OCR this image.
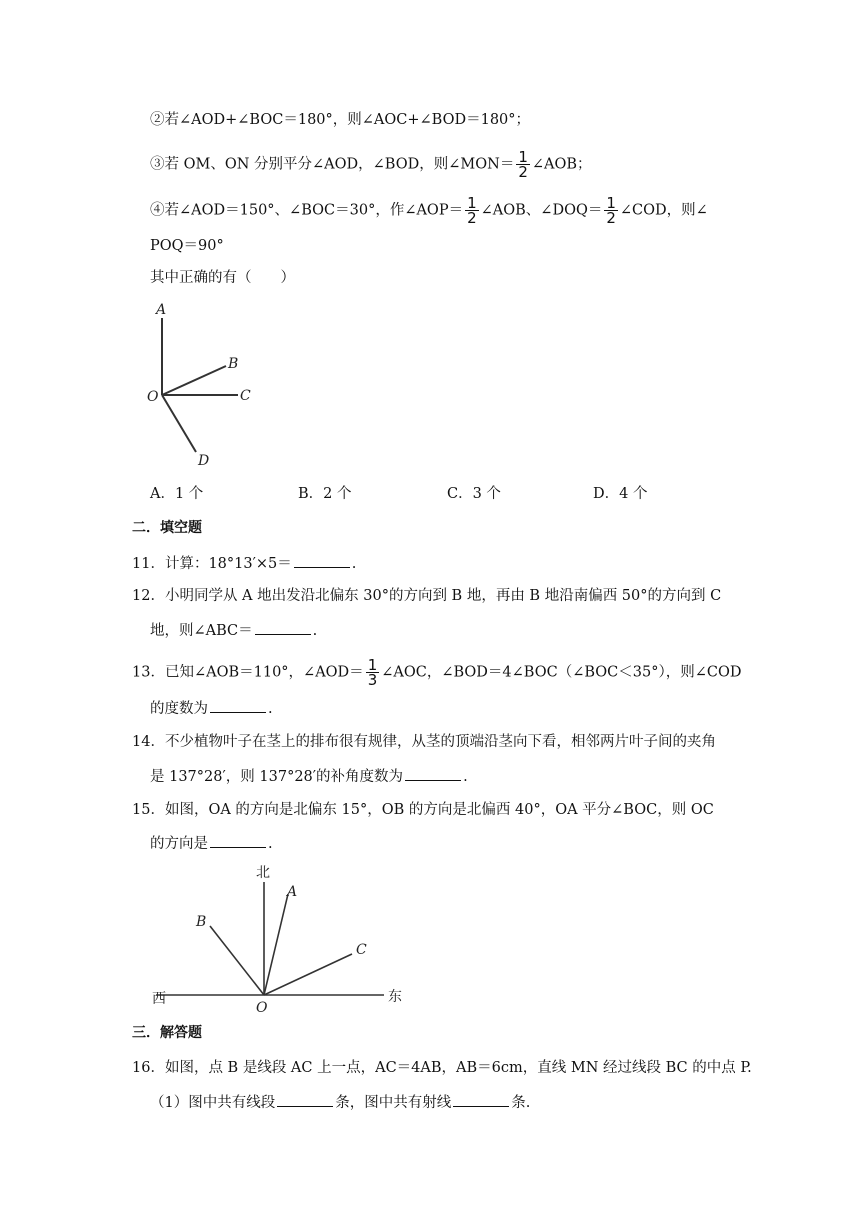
②若∠AOD+∠BOC＝180°，则∠AOC+∠BOD＝180°；
③若 OM、ON 分别平分∠AOD，∠BOD，则∠MON＝ $\frac{1}{2}$ ∠AOB；
④若∠AOD＝150°、∠BOC＝30°，作∠AOP＝ $\frac{1}{2}$ ∠AOB、∠DOQ＝ $\frac{1}{2}$ ∠COD，则∠
POQ＝90°
其中正确的有（　　）
A
B
C
D
O
A．1 个	B．2 个	C．3 个	D．4 个
二．填空题
11．计算：18°13′×5＝	.
12．小明同学从 A 地出发沿北偏东 30°的方向到 B 地，再由 B 地沿南偏西 50°的方向到 C
地，则∠ABC＝	.
13．已知∠AOB＝110°，∠AOD＝ $\frac{1}{3}$ ∠AOC，∠BOD＝4∠BOC（∠BOC＜35°），则∠COD
的度数为	.
14．不少植物叶子在茎上的排布很有规律，从茎的顶端沿茎向下看，相邻两片叶子间的夹角
是 137°28′，则 137°28′的补角度数为	.
15．如图，OA 的方向是北偏东 15°，OB 的方向是北偏西 40°，OA 平分∠BOC，则 OC
的方向是	.
北
东
西
A
B
C
O
三．解答题
16．如图，点 B 是线段 AC 上一点，AC＝4AB，AB＝6cm，直线 MN 经过线段 BC 的中点 P.
（1）图中共有线段	条，图中共有射线	条.
